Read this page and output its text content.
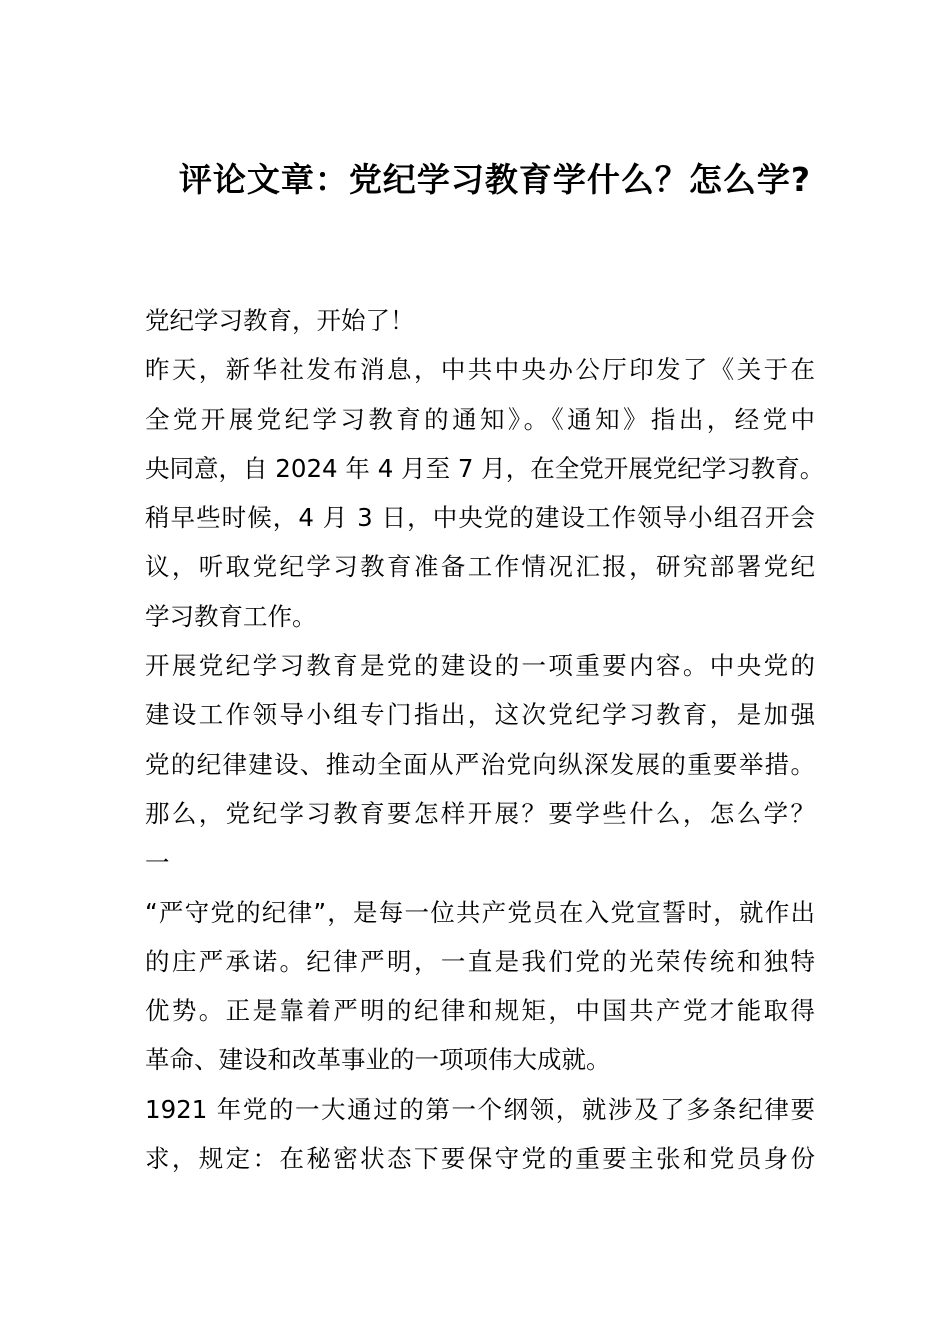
评论文章：党纪学习教育学什么？怎么学?
党纪学习教育，开始了！
昨天，新华社发布消息，中共中央办公厅印发了《关于在
全党开展党纪学习教育的通知》。《通知》指出，经党中
央同意，自 2024 年 4 月至 7 月，在全党开展党纪学习教育。
稍早些时候，4 月 3 日，中央党的建设工作领导小组召开会
议，听取党纪学习教育准备工作情况汇报，研究部署党纪
学习教育工作。
开展党纪学习教育是党的建设的一项重要内容。中央党的
建设工作领导小组专门指出，这次党纪学习教育，是加强
党的纪律建设、推动全面从严治党向纵深发展的重要举措。
那么，党纪学习教育要怎样开展？要学些什么，怎么学？
一
“严守党的纪律”，是每一位共产党员在入党宣誓时，就作出
的庄严承诺。纪律严明，一直是我们党的光荣传统和独特
优势。正是靠着严明的纪律和规矩，中国共产党才能取得
革命、建设和改革事业的一项项伟大成就。
1921 年党的一大通过的第一个纲领，就涉及了多条纪律要
求，规定：在秘密状态下要保守党的重要主张和党员身份
